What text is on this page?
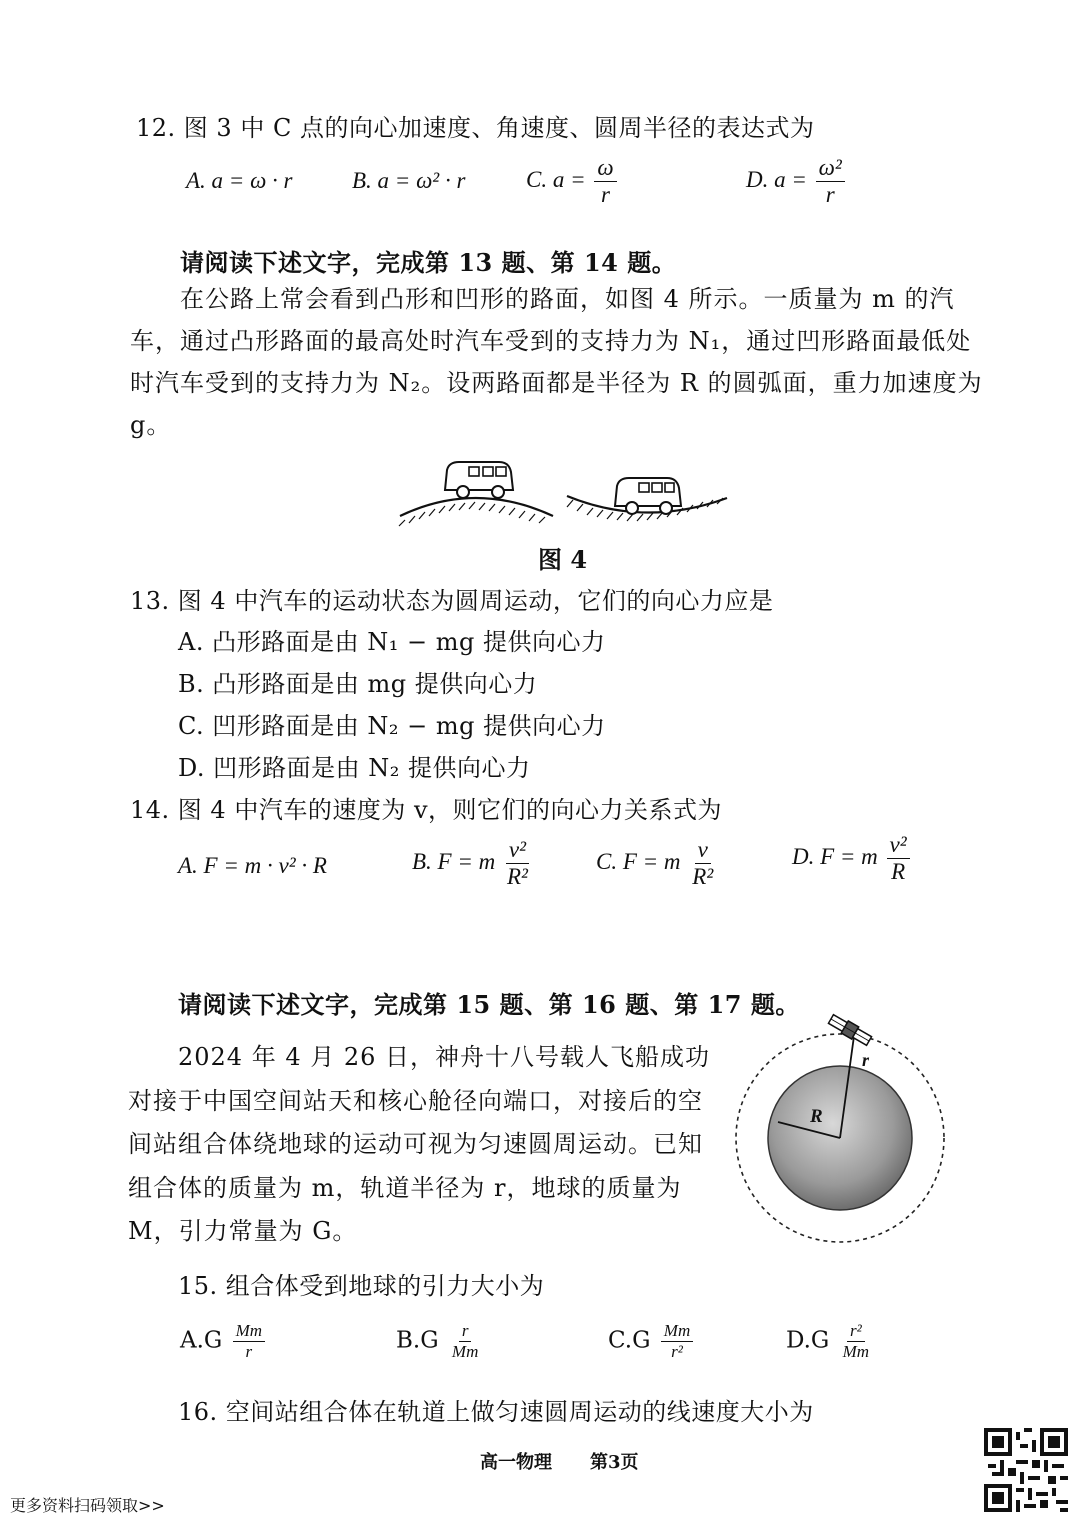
12. 图 3 中 C 点的向心加速度、角速度、圆周半径的表达式为
A. a = ω · r	B. a = ω² · r	C. $a = \frac{\omega}{r}$	D. $a = \frac{\text{ω²}}{r}$
请阅读下述文字，完成第 13 题、第 14 题。
在公路上常会看到凸形和凹形的路面，如图 4 所示。一质量为 m 的汽
车，通过凸形路面的最高处时汽车受到的支持力为 N₁，通过凹形路面最低处
时汽车受到的支持力为 N₂。设两路面都是半径为 R 的圆弧面，重力加速度为
g。
图 4
13. 图 4 中汽车的运动状态为圆周运动，它们的向心力应是
A. 凸形路面是由 N₁ − mg 提供向心力
B. 凸形路面是由 mg 提供向心力
C. 凹形路面是由 N₂ − mg 提供向心力
D. 凹形路面是由 N₂ 提供向心力
14. 图 4 中汽车的速度为 v，则它们的向心力关系式为
A. F = m · v² · R	B. F = m $\frac{\text{v²}}{\text{R²}}$	C. F = m $\frac{v}{\text{R²}}$	D. F = m $\frac{\text{v²}}{R}$
请阅读下述文字，完成第 15 题、第 16 题、第 17 题。
2024 年 4 月 26 日，神舟十八号载人飞船成功
对接于中国空间站天和核心舱径向端口，对接后的空
间站组合体绕地球的运动可视为匀速圆周运动。已知
组合体的质量为 m，轨道半径为 r，地球的质量为
M，引力常量为 G。
R
r
15. 组合体受到地球的引力大小为
$A.G \frac{Mm}{r}$	$B.G \frac{r}{Mm}$	$C.G \frac{Mm}{\text{r²}}$	$D.G \frac{\text{r²}}{Mm}$
16. 空间站组合体在轨道上做匀速圆周运动的线速度大小为
高一物理 第3页
更多资料扫码领取>>
